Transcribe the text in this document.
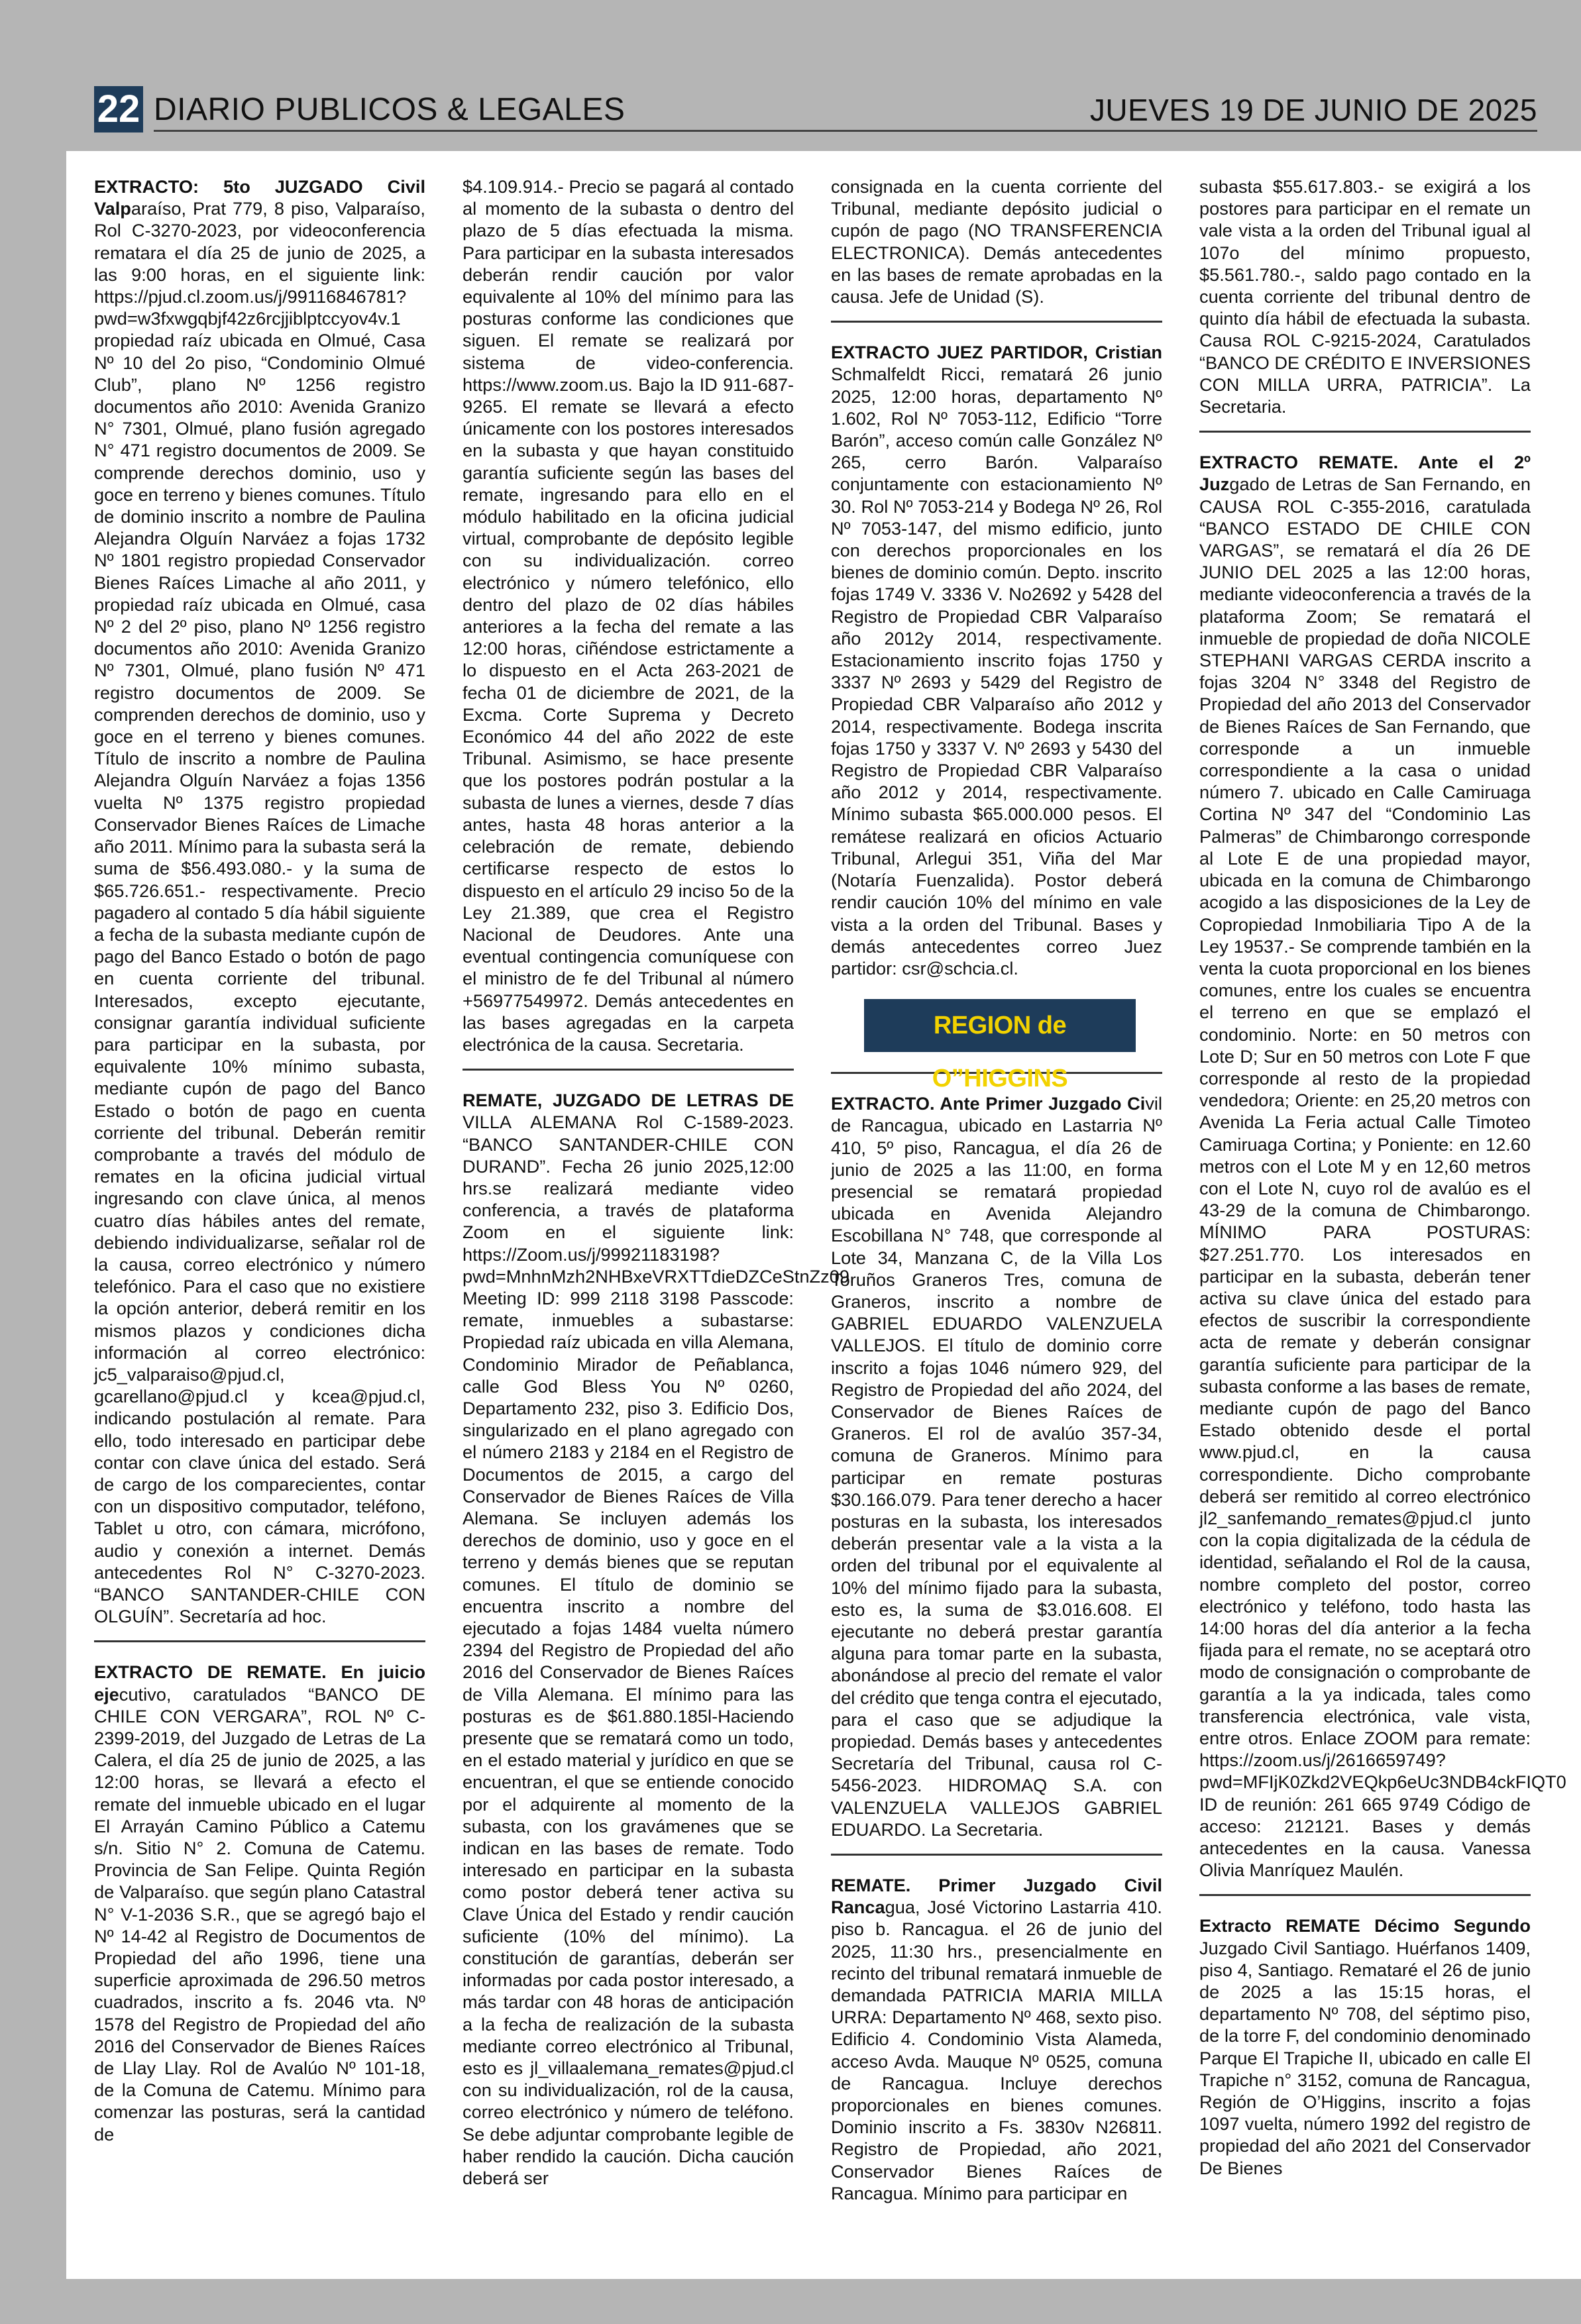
22 DIARIO PUBLICOS & LEGALES	JUEVES 19 DE JUNIO DE 2025

EXTRACTO: 5to JUZGADO Civil Valparaíso, Prat 779, 8 piso, Valparaíso, Rol C-3270-2023, por videoconferencia rematara el día 25 de junio de 2025, a las 9:00 horas, en el siguiente link: https://pjud.cl.zoom.us/j/99116846781?pwd=w3fxwgqbjf42z6rcjjiblptccyov4v.1 propiedad raíz ubicada en Olmué, Casa Nº 10 del 2o piso, “Condominio Olmué Club”, plano Nº 1256 registro documentos año 2010: Avenida Granizo N° 7301, Olmué, plano fusión agregado N° 471 registro documentos de 2009. Se comprende derechos dominio, uso y goce en terreno y bienes comunes. Título de dominio inscrito a nombre de Paulina Alejandra Olguín Narváez a fojas 1732 Nº 1801 registro propiedad Conservador Bienes Raíces Limache al año 2011, y propiedad raíz ubicada en Olmué, casa Nº 2 del 2º piso, plano Nº 1256 registro documentos año 2010: Avenida Granizo Nº 7301, Olmué, plano fusión Nº 471 registro documentos de 2009. Se comprenden derechos de dominio, uso y goce en el terreno y bienes comunes. Título de inscrito a nombre de Paulina Alejandra Olguín Narváez a fojas 1356 vuelta Nº 1375 registro propiedad Conservador Bienes Raíces de Limache año 2011. Mínimo para la subasta será la suma de $56.493.080.- y la suma de $65.726.651.- respectivamente. Precio pagadero al contado 5 día hábil siguiente a fecha de la subasta mediante cupón de pago del Banco Estado o botón de pago en cuenta corriente del tribunal. Interesados, excepto ejecutante, consignar garantía individual suficiente para participar en la subasta, por equivalente 10% mínimo subasta, mediante cupón de pago del Banco Estado o botón de pago en cuenta corriente del tribunal. Deberán remitir comprobante a través del módulo de remates en la oficina judicial virtual ingresando con clave única, al menos cuatro días hábiles antes del remate, debiendo individualizarse, señalar rol de la causa, correo electrónico y número telefónico. Para el caso que no existiere la opción anterior, deberá remitir en los mismos plazos y condiciones dicha información al correo electrónico: jc5_valparaiso@pjud.cl, gcarellano@pjud.cl y kcea@pjud.cl, indicando postulación al remate. Para ello, todo interesado en participar debe contar con clave única del estado. Será de cargo de los comparecientes, contar con un dispositivo computador, teléfono, Tablet u otro, con cámara, micrófono, audio y conexión a internet. Demás antecedentes Rol N° C-3270-2023. “BANCO SANTANDER-CHILE CON OLGUÍN”. Secretaría ad hoc.

EXTRACTO DE REMATE. En juicio ejecutivo, caratulados “BANCO DE CHILE CON VERGARA”, ROL Nº C-2399-2019, del Juzgado de Letras de La Calera, el día 25 de junio de 2025, a las 12:00 horas, se llevará a efecto el remate del inmueble ubicado en el lugar El Arrayán Camino Público a Catemu s/n. Sitio N° 2. Comuna de Catemu. Provincia de San Felipe. Quinta Región de Valparaíso. que según plano Catastral N° V-1-2036 S.R., que se agregó bajo el Nº 14-42 al Registro de Documentos de Propiedad del año 1996, tiene una superficie aproximada de 296.50 metros cuadrados, inscrito a fs. 2046 vta. Nº 1578 del Registro de Propiedad del año 2016 del Conservador de Bienes Raíces de Llay Llay. Rol de Avalúo Nº 101-18, de la Comuna de Catemu. Mínimo para comenzar las posturas, será la cantidad de

$4.109.914.- Precio se pagará al contado al momento de la subasta o dentro del plazo de 5 días efectuada la misma. Para participar en la subasta interesados deberán rendir caución por valor equivalente al 10% del mínimo para las posturas conforme las condiciones que siguen. El remate se realizará por sistema de video-conferencia. https://www.zoom.us. Bajo la ID 911-687-9265. El remate se llevará a efecto únicamente con los postores interesados en la subasta y que hayan constituido garantía suficiente según las bases del remate, ingresando para ello en el módulo habilitado en la oficina judicial virtual, comprobante de depósito legible con su individualización. correo electrónico y número telefónico, ello dentro del plazo de 02 días hábiles anteriores a la fecha del remate a las 12:00 horas, ciñéndose estrictamente a lo dispuesto en el Acta 263-2021 de fecha 01 de diciembre de 2021, de la Excma. Corte Suprema y Decreto Económico 44 del año 2022 de este Tribunal. Asimismo, se hace presente que los postores podrán postular a la subasta de lunes a viernes, desde 7 días antes, hasta 48 horas anterior a la celebración de remate, debiendo certificarse respecto de estos lo dispuesto en el artículo 29 inciso 5o de la Ley 21.389, que crea el Registro Nacional de Deudores. Ante una eventual contingencia comuníquese con el ministro de fe del Tribunal al número +56977549972. Demás antecedentes en las bases agregadas en la carpeta electrónica de la causa. Secretaria.

REMATE, JUZGADO DE LETRAS DE VILLA ALEMANA Rol C-1589-2023. “BANCO SANTANDER-CHILE CON DURAND”. Fecha 26 junio 2025,12:00 hrs.se realizará mediante video conferencia, a través de plataforma Zoom en el siguiente link: https://Zoom.us/j/99921183198?pwd=MnhnMzh2NHBxeVRXTTdieDZCeStnZz09. Meeting ID: 999 2118 3198 Passcode: remate, inmuebles a subastarse: Propiedad raíz ubicada en villa Alemana, Condominio Mirador de Peñablanca, calle God Bless You Nº 0260, Departamento 232, piso 3. Edificio Dos, singularizado en el plano agregado con el número 2183 y 2184 en el Registro de Documentos de 2015, a cargo del Conservador de Bienes Raíces de Villa Alemana. Se incluyen además los derechos de dominio, uso y goce en el terreno y demás bienes que se reputan comunes. El título de dominio se encuentra inscrito a nombre del ejecutado a fojas 1484 vuelta número 2394 del Registro de Propiedad del año 2016 del Conservador de Bienes Raíces de Villa Alemana. El mínimo para las posturas es de $61.880.185l-Haciendo presente que se rematará como un todo, en el estado material y jurídico en que se encuentran, el que se entiende conocido por el adquirente al momento de la subasta, con los gravámenes que se indican en las bases de remate. Todo interesado en participar en la subasta como postor deberá tener activa su Clave Única del Estado y rendir caución suficiente (10% del mínimo). La constitución de garantías, deberán ser informadas por cada postor interesado, a más tardar con 48 horas de anticipación a la fecha de realización de la subasta mediante correo electrónico al Tribunal, esto es jl_villaalemana_remates@pjud.cl con su individualización, rol de la causa, correo electrónico y número de teléfono. Se debe adjuntar comprobante legible de haber rendido la caución. Dicha caución deberá ser

consignada en la cuenta corriente del Tribunal, mediante depósito judicial o cupón de pago (NO TRANSFERENCIA ELECTRONICA). Demás antecedentes en las bases de remate aprobadas en la causa. Jefe de Unidad (S).

EXTRACTO JUEZ PARTIDOR, Cristian Schmalfeldt Ricci, rematará 26 junio 2025, 12:00 horas, departamento Nº 1.602, Rol Nº 7053-112, Edificio “Torre Barón”, acceso común calle González Nº 265, cerro Barón. Valparaíso conjuntamente con estacionamiento Nº 30. Rol Nº 7053-214 y Bodega Nº 26, Rol Nº 7053-147, del mismo edificio, junto con derechos proporcionales en los bienes de dominio común. Depto. inscrito fojas 1749 V. 3336 V. No2692 y 5428 del Registro de Propiedad CBR Valparaíso año 2012y 2014, respectivamente. Estacionamiento inscrito fojas 1750 y 3337 Nº 2693 y 5429 del Registro de Propiedad CBR Valparaíso año 2012 y 2014, respectivamente. Bodega inscrita fojas 1750 y 3337 V. Nº 2693 y 5430 del Registro de Propiedad CBR Valparaíso año 2012 y 2014, respectivamente. Mínimo subasta $65.000.000 pesos. El remátese realizará en oficios Actuario Tribunal, Arlegui 351, Viña del Mar (Notaría Fuenzalida). Postor deberá rendir caución 10% del mínimo en vale vista a la orden del Tribunal. Bases y demás antecedentes correo Juez partidor: csr@schcia.cl.

REGION de O”HIGGINS

EXTRACTO. Ante Primer Juzgado Civil de Rancagua, ubicado en Lastarria Nº 410, 5º piso, Rancagua, el día 26 de junio de 2025 a las 11:00, en forma presencial se rematará propiedad ubicada en Avenida Alejandro Escobillana N° 748, que corresponde al Lote 34, Manzana C, de la Villa Los Toruños Graneros Tres, comuna de Graneros, inscrito a nombre de GABRIEL EDUARDO VALENZUELA VALLEJOS. El título de dominio corre inscrito a fojas 1046 número 929, del Registro de Propiedad del año 2024, del Conservador de Bienes Raíces de Graneros. El rol de avalúo 357-34, comuna de Graneros. Mínimo para participar en remate posturas $30.166.079. Para tener derecho a hacer posturas en la subasta, los interesados deberán presentar vale a la vista a la orden del tribunal por el equivalente al 10% del mínimo fijado para la subasta, esto es, la suma de $3.016.608. El ejecutante no deberá prestar garantía alguna para tomar parte en la subasta, abonándose al precio del remate el valor del crédito que tenga contra el ejecutado, para el caso que se adjudique la propiedad. Demás bases y antecedentes Secretaría del Tribunal, causa rol C-5456-2023. HIDROMAQ S.A. con VALENZUELA VALLEJOS GABRIEL EDUARDO. La Secretaria.

REMATE. Primer Juzgado Civil Rancagua, José Victorino Lastarria 410. piso b. Rancagua. el 26 de junio del 2025, 11:30 hrs., presencialmente en recinto del tribunal rematará inmueble de demandada PATRICIA MARIA MILLA URRA: Departamento Nº 468, sexto piso. Edificio 4. Condominio Vista Alameda, acceso Avda. Mauque Nº 0525, comuna de Rancagua. Incluye derechos proporcionales en bienes comunes. Dominio inscrito a Fs. 3830v N26811. Registro de Propiedad, año 2021, Conservador Bienes Raíces de Rancagua. Mínimo para participar en

subasta $55.617.803.- se exigirá a los postores para participar en el remate un vale vista a la orden del Tribunal igual al 107o del mínimo propuesto, $5.561.780.-, saldo pago contado en la cuenta corriente del tribunal dentro de quinto día hábil de efectuada la subasta. Causa ROL C-9215-2024, Caratulados “BANCO DE CRÉDITO E INVERSIONES CON MILLA URRA, PATRICIA”. La Secretaria.

EXTRACTO REMATE. Ante el 2º Juzgado de Letras de San Fernando, en CAUSA ROL C-355-2016, caratulada “BANCO ESTADO DE CHILE CON VARGAS”, se rematará el día 26 DE JUNIO DEL 2025 a las 12:00 horas, mediante videoconferencia a través de la plataforma Zoom; Se rematará el inmueble de propiedad de doña NICOLE STEPHANI VARGAS CERDA inscrito a fojas 3204 N° 3348 del Registro de Propiedad del año 2013 del Conservador de Bienes Raíces de San Fernando, que corresponde a un inmueble correspondiente a la casa o unidad número 7. ubicado en Calle Camiruaga Cortina Nº 347 del “Condominio Las Palmeras” de Chimbarongo corresponde al Lote E de una propiedad mayor, ubicada en la comuna de Chimbarongo acogido a las disposiciones de la Ley de Copropiedad Inmobiliaria Tipo A de la Ley 19537.- Se comprende también en la venta la cuota proporcional en los bienes comunes, entre los cuales se encuentra el terreno en que se emplazó el condominio. Norte: en 50 metros con Lote D; Sur en 50 metros con Lote F que corresponde al resto de la propiedad vendedora; Oriente: en 25,20 metros con Avenida La Feria actual Calle Timoteo Camiruaga Cortina; y Poniente: en 12.60 metros con el Lote M y en 12,60 metros con el Lote N, cuyo rol de avalúo es el 43-29 de la comuna de Chimbarongo. MÍNIMO PARA POSTURAS: $27.251.770. Los interesados en participar en la subasta, deberán tener activa su clave única del estado para efectos de suscribir la correspondiente acta de remate y deberán consignar garantía suficiente para participar de la subasta conforme a las bases de remate, mediante cupón de pago del Banco Estado obtenido desde el portal www.pjud.cl, en la causa correspondiente. Dicho comprobante deberá ser remitido al correo electrónico jl2_sanfemando_remates@pjud.cl junto con la copia digitalizada de la cédula de identidad, señalando el Rol de la causa, nombre completo del postor, correo electrónico y teléfono, todo hasta las 14:00 horas del día anterior a la fecha fijada para el remate, no se aceptará otro modo de consignación o comprobante de garantía a la ya indicada, tales como transferencia electrónica, vale vista, entre otros. Enlace ZOOM para remate: https://zoom.us/j/2616659749?pwd=MFIjK0Zkd2VEQkp6eUc3NDB4ckFIQT0 ID de reunión: 261 665 9749 Código de acceso: 212121. Bases y demás antecedentes en la causa. Vanessa Olivia Manríquez Maulén.

Extracto REMATE Décimo Segundo Juzgado Civil Santiago. Huérfanos 1409, piso 4, Santiago. Remataré el 26 de junio de 2025 a las 15:15 horas, el departamento Nº 708, del séptimo piso, de la torre F, del condominio denominado Parque El Trapiche II, ubicado en calle El Trapiche n° 3152, comuna de Rancagua, Región de O’Higgins, inscrito a fojas 1097 vuelta, número 1992 del registro de propiedad del año 2021 del Conservador De Bienes
